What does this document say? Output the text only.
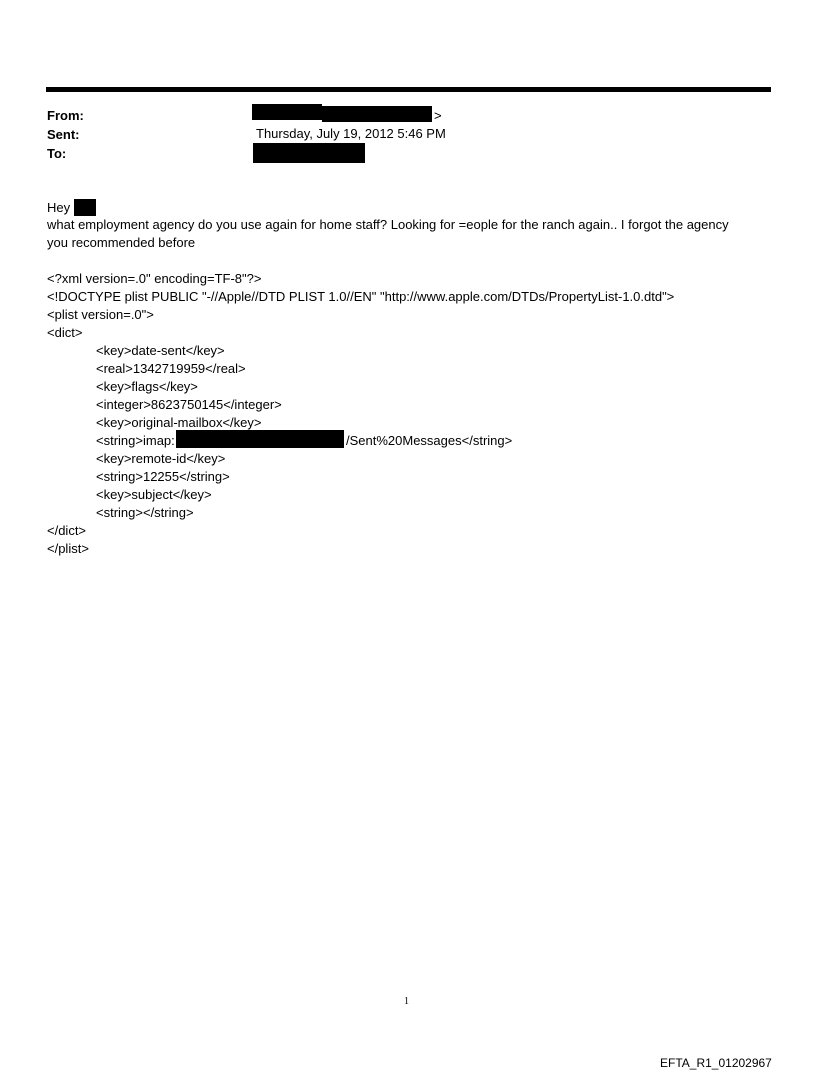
From:	>
Sent:	Thursday, July 19, 2012 5:46 PM
To:
Hey
what employment agency do you use again for home staff? Looking for =eople for the ranch again.. I forgot the agency
you recommended before
<?xml version=.0" encoding=TF-8"?>
<!DOCTYPE plist PUBLIC "-//Apple//DTD PLIST 1.0//EN" "http://www.apple.com/DTDs/PropertyList-1.0.dtd">
<plist version=.0">
<dict>
<key>date-sent</key>
<real>1342719959</real>
<key>flags</key>
<integer>8623750145</integer>
<key>original-mailbox</key>
<string>imap:	/Sent%20Messages</string>
<key>remote-id</key>
<string>12255</string>
<key>subject</key>
<string></string>
</dict>
</plist>
1
EFTA_R1_01202967
